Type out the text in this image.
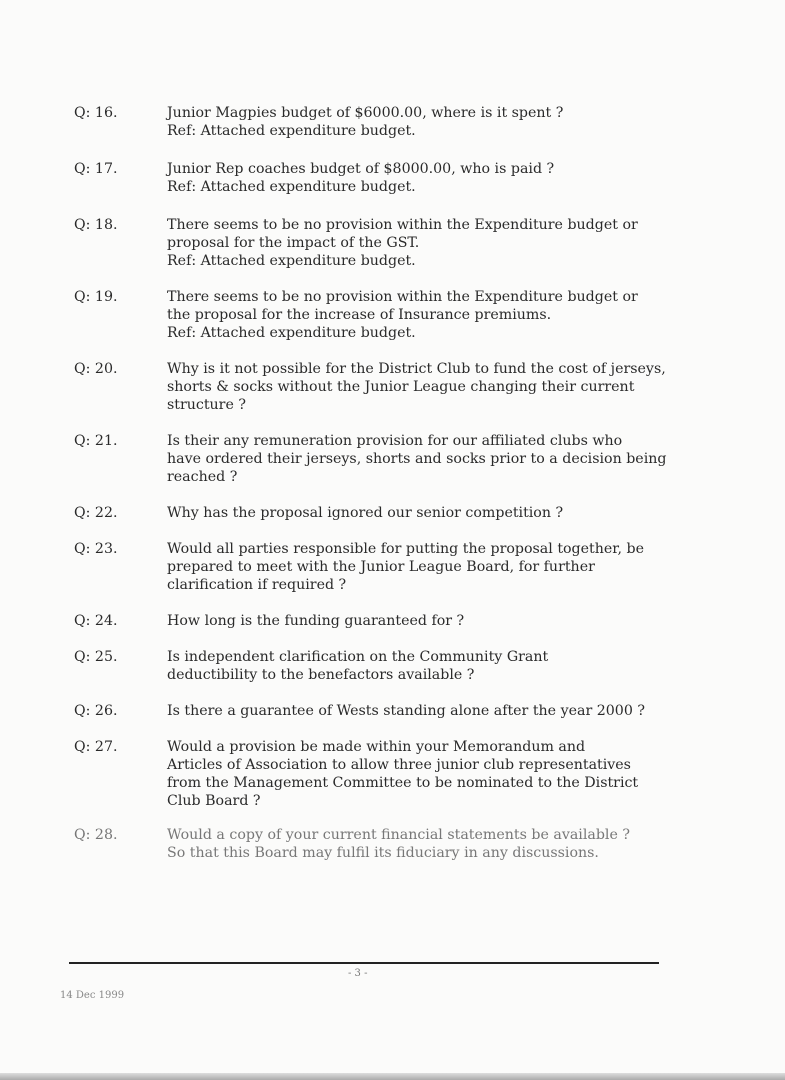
Q: 16.	Junior Magpies budget of $6000.00, where is it spent ?
Ref: Attached expenditure budget.
Q: 17.	Junior Rep coaches budget of $8000.00, who is paid ?
Ref: Attached expenditure budget.
Q: 18.	There seems to be no provision within the Expenditure budget or
proposal for the impact of the GST.
Ref: Attached expenditure budget.
Q: 19.	There seems to be no provision within the Expenditure budget or
the proposal for the increase of Insurance premiums.
Ref: Attached expenditure budget.
Q: 20.	Why is it not possible for the District Club to fund the cost of jerseys,
shorts & socks without the Junior League changing their current
structure ?
Q: 21.	Is their any remuneration provision for our affiliated clubs who
have ordered their jerseys, shorts and socks prior to a decision being
reached ?
Q: 22.	Why has the proposal ignored our senior competition ?
Q: 23.	Would all parties responsible for putting the proposal together, be
prepared to meet with the Junior League Board, for further
clarification if required ?
Q: 24.	How long is the funding guaranteed for ?
Q: 25.	Is independent clarification on the Community Grant
deductibility to the benefactors available ?
Q: 26.	Is there a guarantee of Wests standing alone after the year 2000 ?
Q: 27.	Would a provision be made within your Memorandum and
Articles of Association to allow three junior club representatives
from the Management Committee to be nominated to the District
Club Board ?
Q: 28.	Would a copy of your current financial statements be available ?
So that this Board may fulfil its fiduciary in any discussions.
- 3 -
14 Dec 1999
